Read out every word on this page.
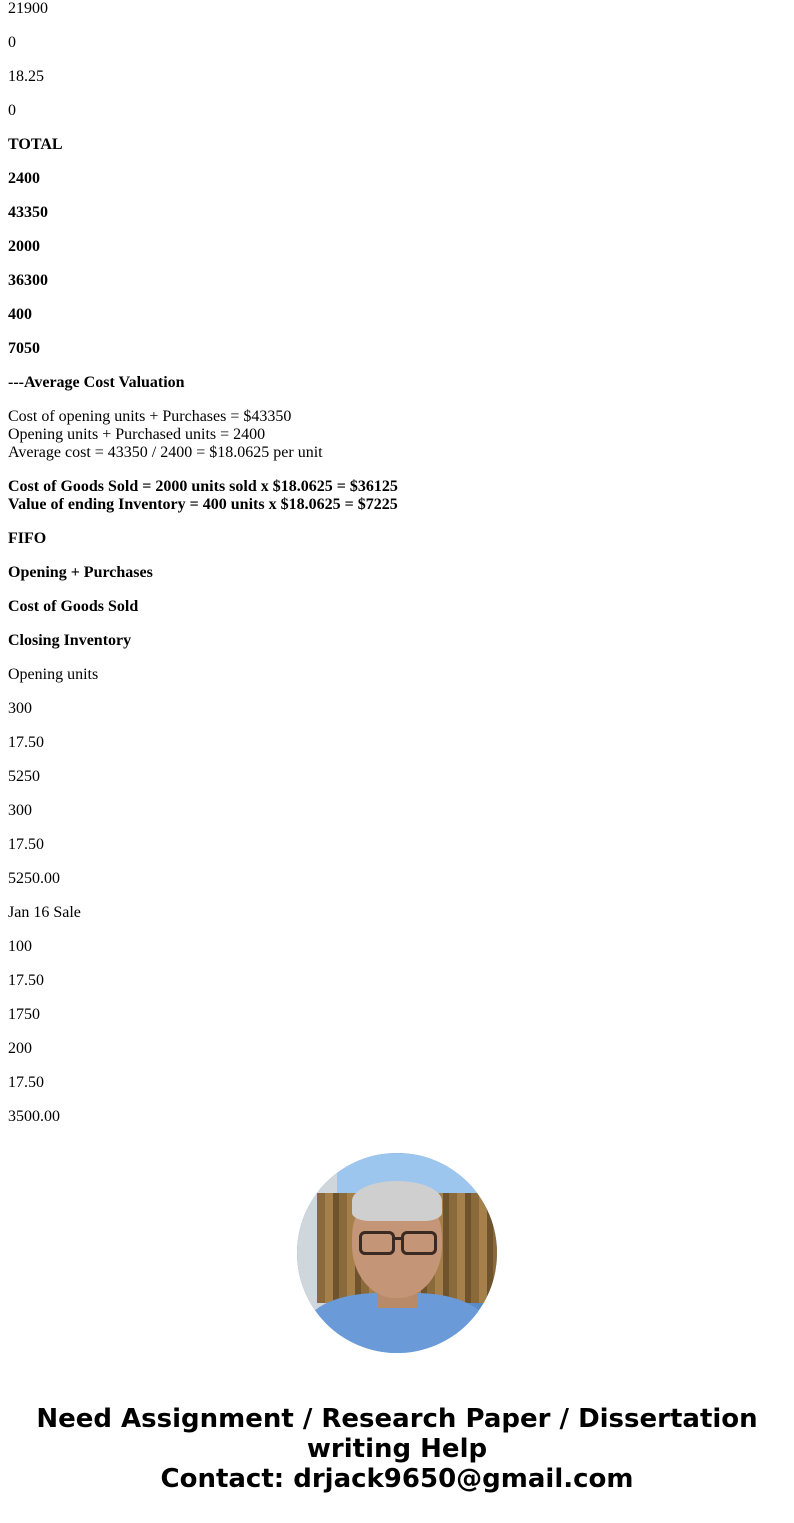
21900

0

18.25

0

TOTAL

2400

43350

2000

36300

400

7050

---Average Cost Valuation

Cost of opening units + Purchases = $43350
Opening units + Purchased units = 2400
Average cost = 43350 / 2400 = $18.0625 per unit
Cost of Goods Sold = 2000 units sold x $18.0625 = $36125
Value of ending Inventory = 400 units x $18.0625 = $7225

FIFO

Opening + Purchases

Cost of Goods Sold

Closing Inventory

Opening units

300

17.50

5250

300

17.50

5250.00

Jan 16 Sale

100

17.50

1750

200

17.50

3500.00

Need Assignment / Research Paper / Dissertation
writing Help
Contact: drjack9650@gmail.com
